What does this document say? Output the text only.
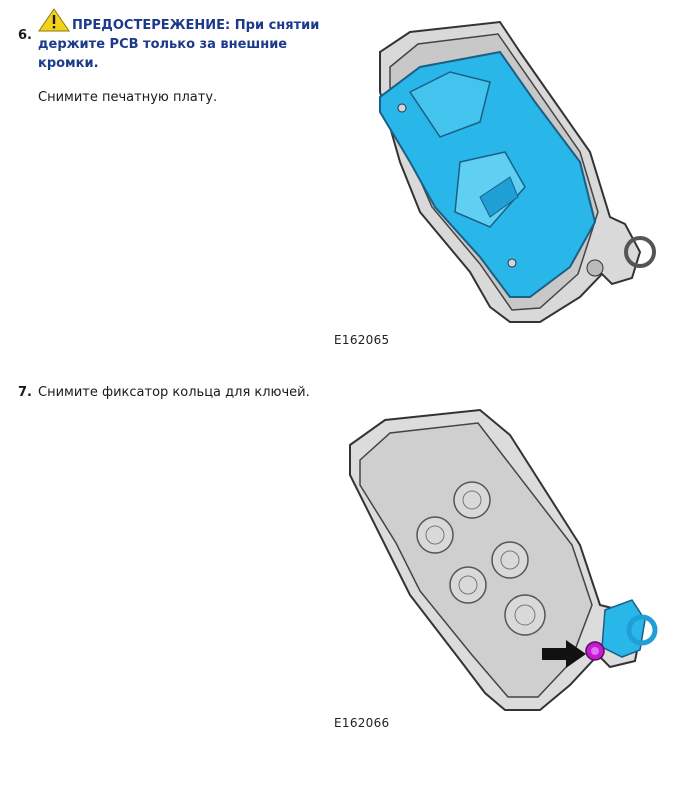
6.
ПРЕДОСТЕРЕЖЕНИЕ: При снятии держите PCB только за внешние кромки.
Снимите печатную плату.
E162065
7. Снимите фиксатор кольца для ключей.
E162066
